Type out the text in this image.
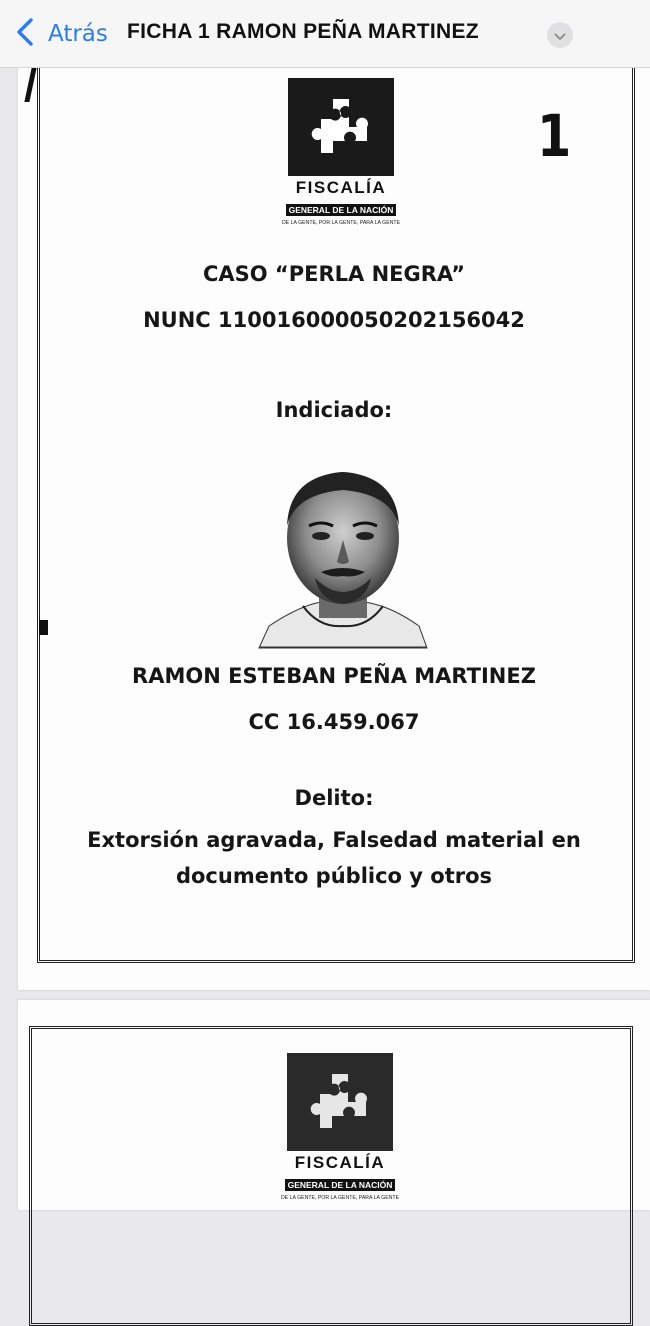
Atrás FICHA 1 RAMON PEÑA MARTINEZ
FISCALÍA
GENERAL DE LA NACIÓN
DE LA GENTE, POR LA GENTE, PARA LA GENTE
1
CASO “PERLA NEGRA”
NUNC 110016000050202156042
Indiciado:
RAMON ESTEBAN PEÑA MARTINEZ
CC 16.459.067
Delito:
Extorsión agravada, Falsedad material en
documento público y otros
FISCALÍA
GENERAL DE LA NACIÓN
DE LA GENTE, POR LA GENTE, PARA LA GENTE
